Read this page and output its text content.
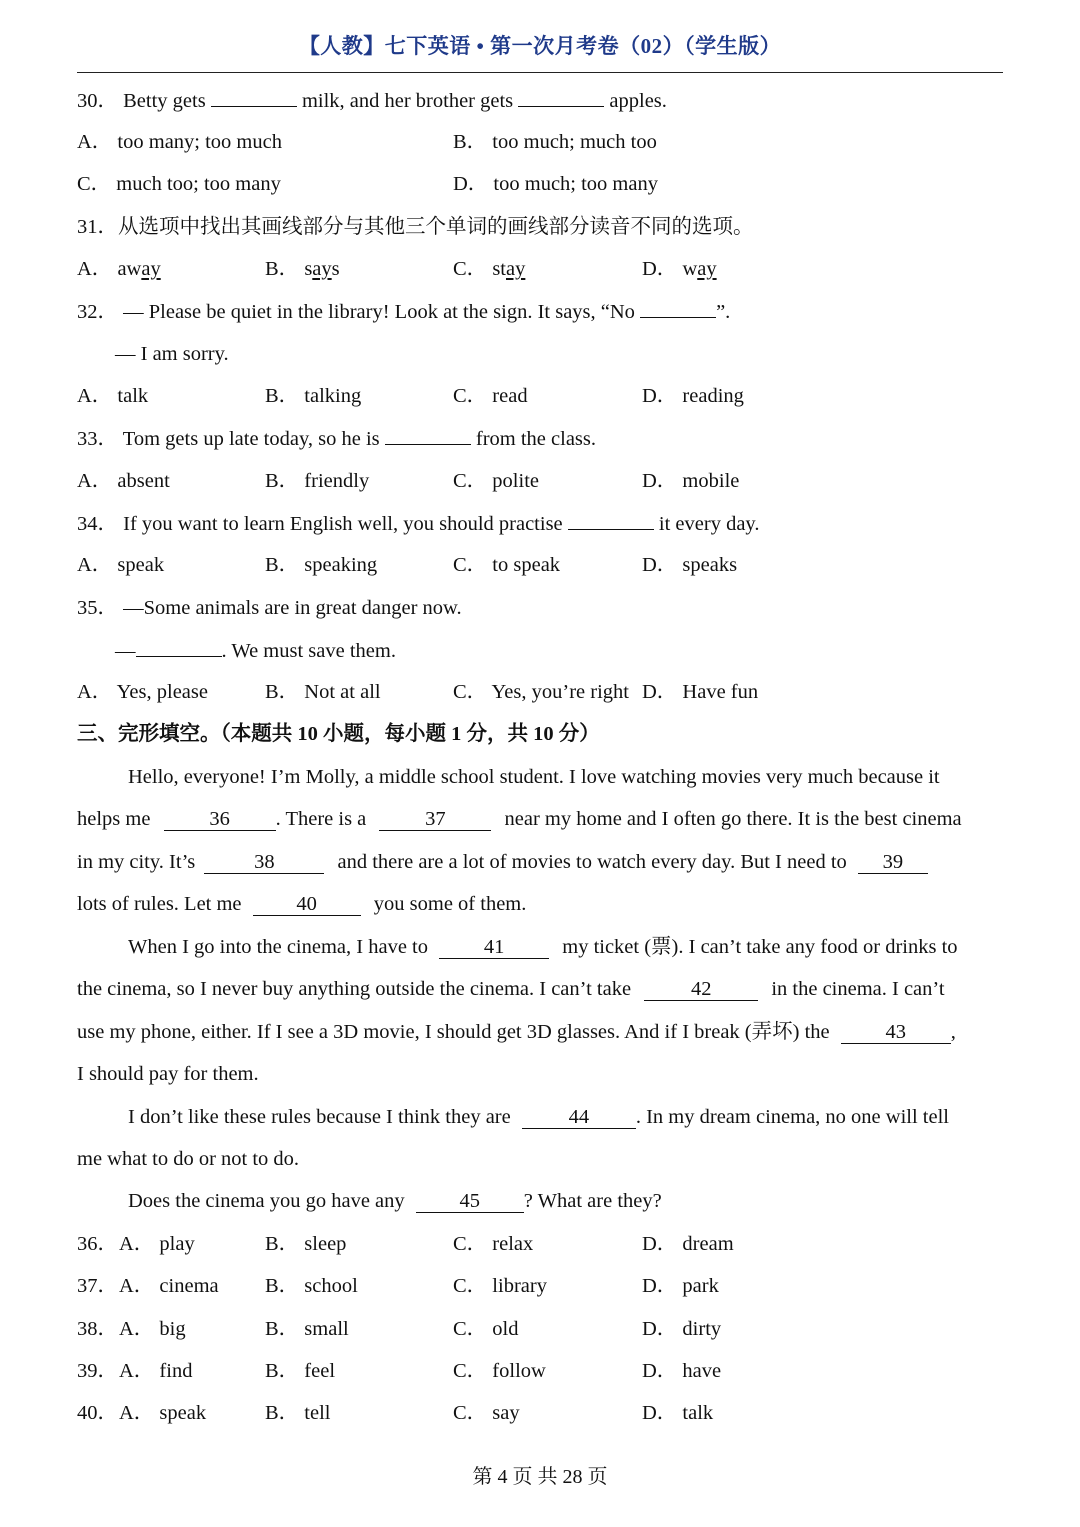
【人教】七下英语 • 第一次月考卷（02）（学生版）
30． Betty gets	milk, and her brother gets	apples.
A． too many; too much	B． too much; much too
C． much too; too many	D． too much; too many
31．从选项中找出其画线部分与其他三个单词的画线部分读音不同的选项。
A． away	B． says	C． stay	D． way
32． — Please be quiet in the library! Look at the sign. It says, “No	”.
— I am sorry.
A． talk	B． talking	C． read	D． reading
33． Tom gets up late today, so he is	from the class.
A． absent	B． friendly	C． polite	D． mobile
34． If you want to learn English well, you should practise	it every day.
A． speak	B． speaking	C． to speak	D． speaks
35． —Some animals are in great danger now.
—	. We must save them.
A． Yes, please	B． Not at all	C． Yes, you’re right D． Have fun
三、完形填空。（本题共 10 小题，每小题 1 分，共 10 分）
Hello, everyone! I’m Molly, a middle school student. I love watching movies very much because it
helps me	36 . There is a	37	near my home and I often go there. It is the best cinema
in my city. It’s	38	and there are a lot of movies to watch every day. But I need to 39
lots of rules. Let me	40	you some of them.
When I go into the cinema, I have to	41	my ticket (票). I can’t take any food or drinks to
the cinema, so I never buy anything outside the cinema. I can’t take	42	in the cinema. I can’t
use my phone, either. If I see a 3D movie, I should get 3D glasses. And if I break (弄坏) the	43 ,
I should pay for them.
I don’t like these rules because I think they are	44 . In my dream cinema, no one will tell
me what to do or not to do.
Does the cinema you go have any	45 ? What are they?
36． A． play	B． sleep	C． relax	D． dream
37． A． cinema B． school	C． library	D． park
38． A． big	B． small	C． old	D． dirty
39． A． find	B． feel	C． follow	D． have
40． A． speak	B． tell	C． say	D． talk
第 4 页 共 28 页
